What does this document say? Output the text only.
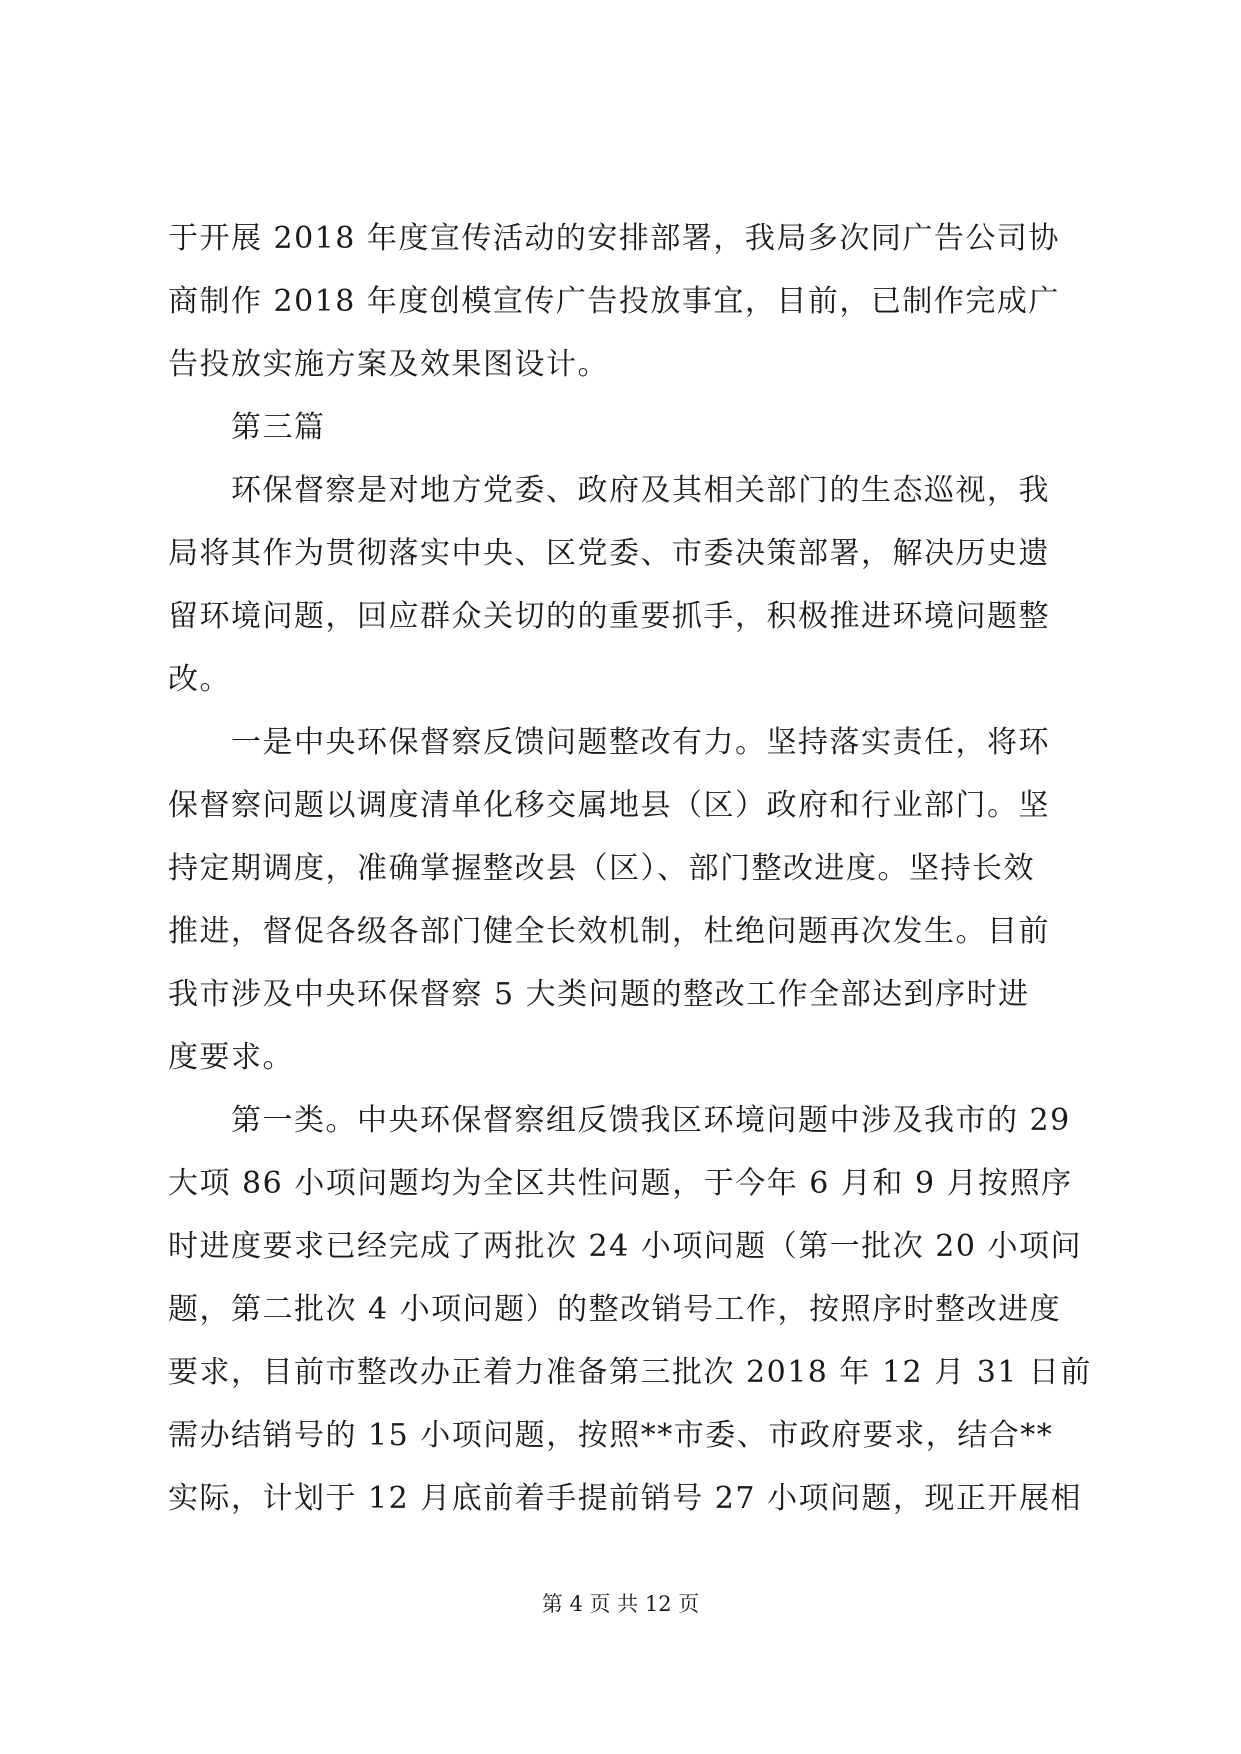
于开展 2018 年度宣传活动的安排部署，我局多次同广告公司协
商制作 2018 年度创模宣传广告投放事宜，目前，已制作完成广
告投放实施方案及效果图设计。
　　第三篇
　　环保督察是对地方党委、政府及其相关部门的生态巡视，我
局将其作为贯彻落实中央、区党委、市委决策部署，解决历史遗
留环境问题，回应群众关切的的重要抓手，积极推进环境问题整
改。
　　一是中央环保督察反馈问题整改有力。坚持落实责任，将环
保督察问题以调度清单化移交属地县（区）政府和行业部门。坚
持定期调度，准确掌握整改县（区）、部门整改进度。坚持长效
推进，督促各级各部门健全长效机制，杜绝问题再次发生。目前
我市涉及中央环保督察 5 大类问题的整改工作全部达到序时进
度要求。
　　第一类。中央环保督察组反馈我区环境问题中涉及我市的 29
大项 86 小项问题均为全区共性问题，于今年 6 月和 9 月按照序
时进度要求已经完成了两批次 24 小项问题（第一批次 20 小项问
题，第二批次 4 小项问题）的整改销号工作，按照序时整改进度
要求，目前市整改办正着力准备第三批次 2018 年 12 月 31 日前
需办结销号的 15 小项问题，按照**市委、市政府要求，结合**
实际，计划于 12 月底前着手提前销号 27 小项问题，现正开展相
第 4 页 共 12 页
